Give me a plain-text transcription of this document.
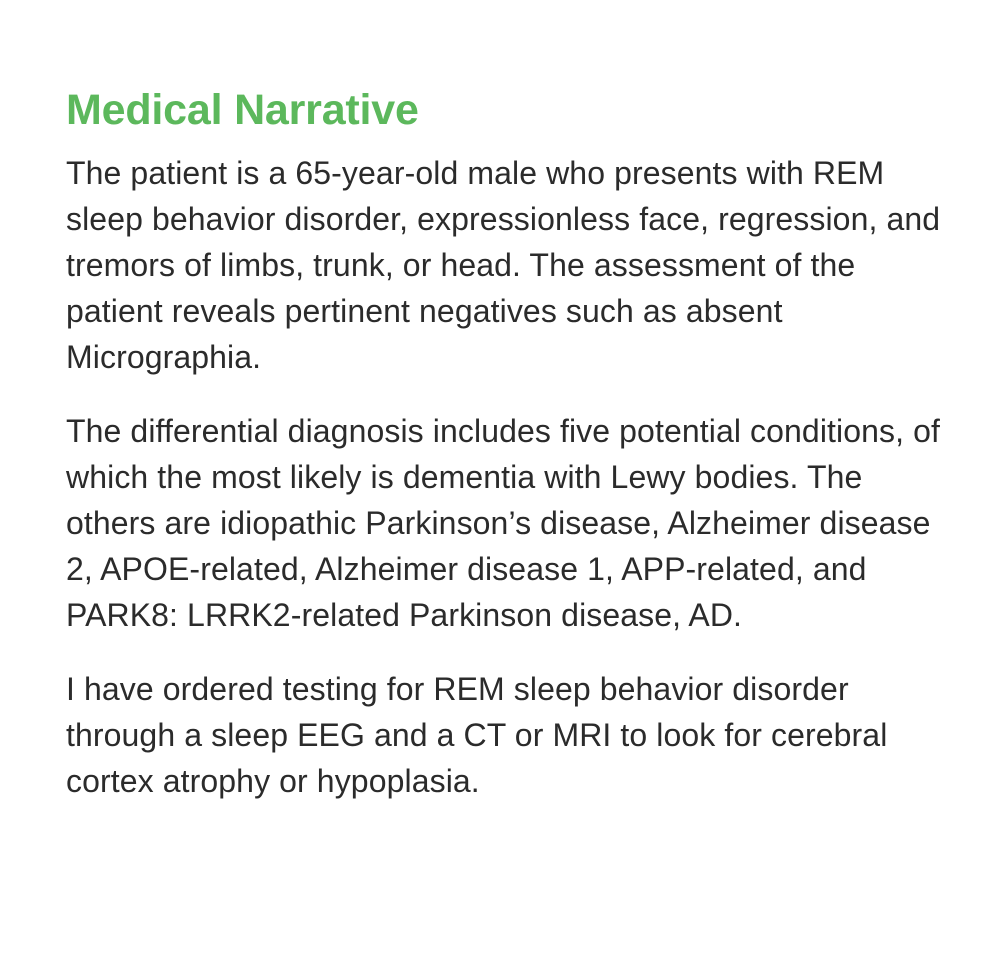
Medical Narrative

The patient is a 65-year-old male who presents with REM sleep behavior disorder, expressionless face, regression, and tremors of limbs, trunk, or head. The assessment of the patient reveals pertinent negatives such as absent Micrographia.

The differential diagnosis includes five potential conditions, of which the most likely is dementia with Lewy bodies. The others are idiopathic Parkinson’s disease, Alzheimer disease 2, APOE-related, Alzheimer disease 1, APP-related, and PARK8: LRRK2-related Parkinson disease, AD.

I have ordered testing for REM sleep behavior disorder through a sleep EEG and a CT or MRI to look for cerebral cortex atrophy or hypoplasia.
